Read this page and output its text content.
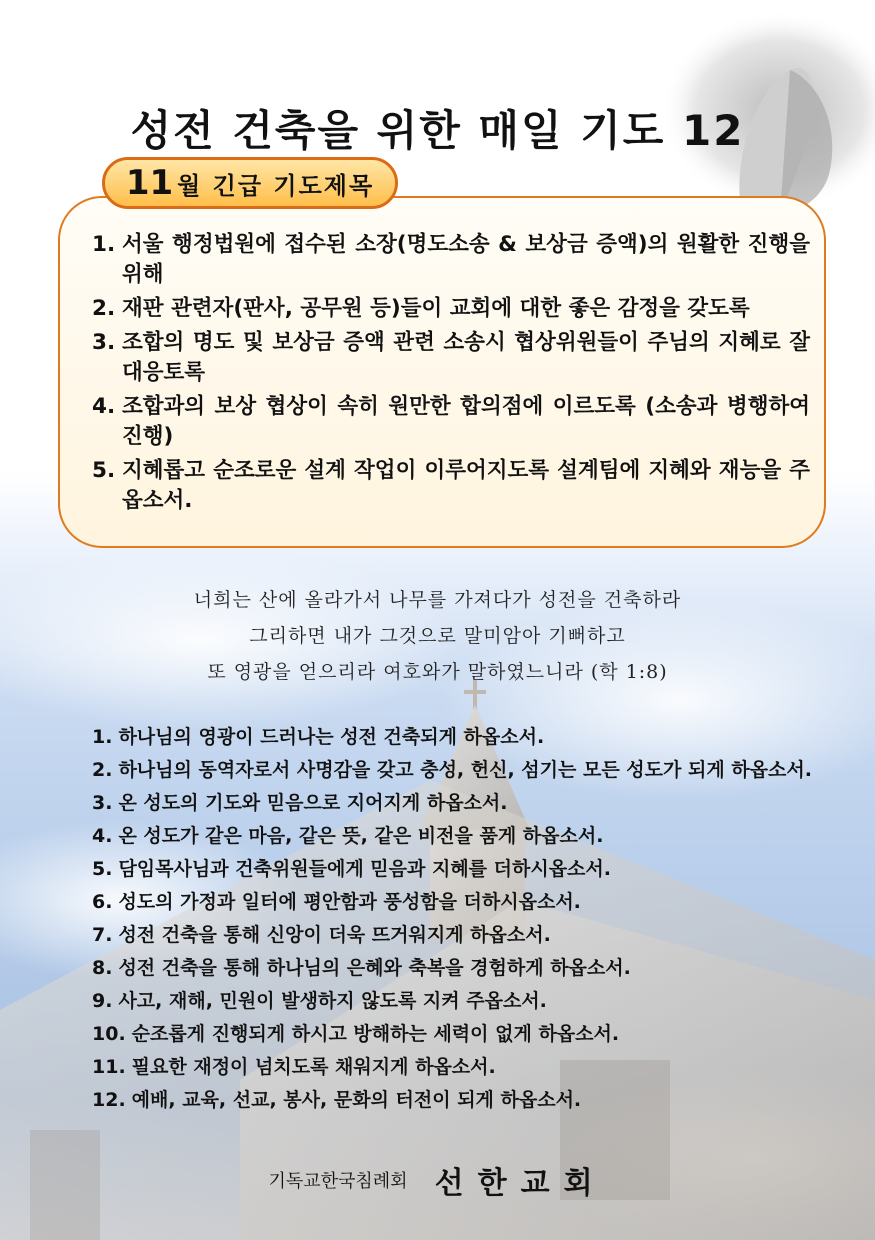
성전 건축을 위한 매일 기도 12
11 월 긴급 기도제목
1. 서울 행정법원에 접수된 소장(명도소송 & 보상금 증액)의 원활한 진행을 위해
2. 재판 관련자(판사, 공무원 등)들이 교회에 대한 좋은 감정을 갖도록
3. 조합의 명도 및 보상금 증액 관련 소송시 협상위원들이 주님의 지혜로 잘 대응토록
4. 조합과의 보상 협상이 속히 원만한 합의점에 이르도록 (소송과 병행하여 진행)
5. 지혜롭고 순조로운 설계 작업이 이루어지도록 설계팀에 지혜와 재능을 주옵소서.
너희는 산에 올라가서 나무를 가져다가 성전을 건축하라
그리하면 내가 그것으로 말미암아 기뻐하고
또 영광을 얻으리라 여호와가 말하였느니라 (학 1:8)
1. 하나님의 영광이 드러나는 성전 건축되게 하옵소서.
2. 하나님의 동역자로서 사명감을 갖고 충성, 헌신, 섬기는 모든 성도가 되게 하옵소서.
3. 온 성도의 기도와 믿음으로 지어지게 하옵소서.
4. 온 성도가 같은 마음, 같은 뜻, 같은 비전을 품게 하옵소서.
5. 담임목사님과 건축위원들에게 믿음과 지혜를 더하시옵소서.
6. 성도의 가정과 일터에 평안함과 풍성함을 더하시옵소서.
7. 성전 건축을 통해 신앙이 더욱 뜨거워지게 하옵소서.
8. 성전 건축을 통해 하나님의 은혜와 축복을 경험하게 하옵소서.
9. 사고, 재해, 민원이 발생하지 않도록 지켜 주옵소서.
10. 순조롭게 진행되게 하시고 방해하는 세력이 없게 하옵소서.
11. 필요한 재정이 넘치도록 채워지게 하옵소서.
12. 예배, 교육, 선교, 봉사, 문화의 터전이 되게 하옵소서.
기독교한국침례회 선한교회
